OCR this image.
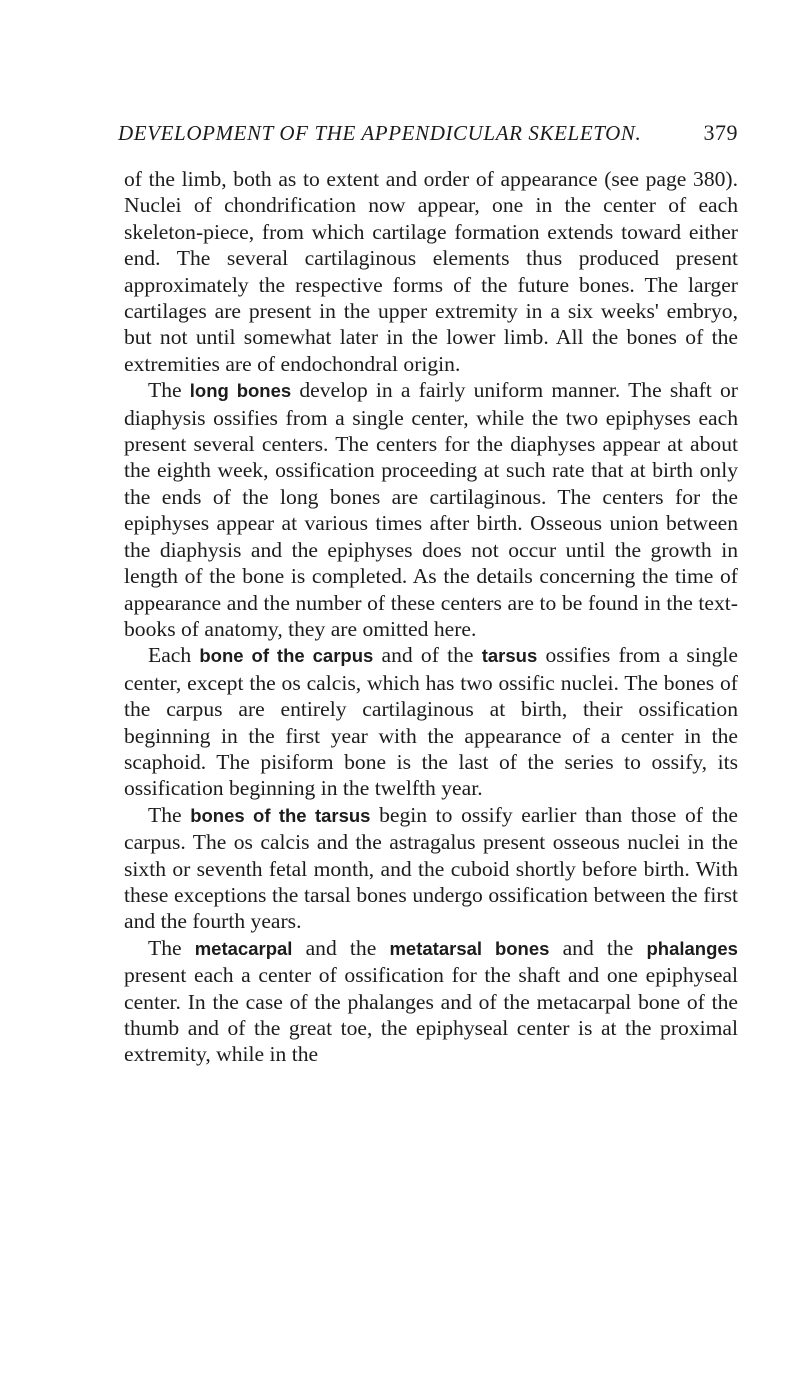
DEVELOPMENT OF THE APPENDICULAR SKELETON.	379

of the limb, both as to extent and order of appearance (see page 380). Nuclei of chondrification now appear, one in the center of each skeleton-piece, from which cartilage formation extends toward either end. The several cartilaginous elements thus produced present approximately the respective forms of the future bones. The larger cartilages are present in the upper extremity in a six weeks' embryo, but not until somewhat later in the lower limb. All the bones of the extremities are of endochondral origin.

The long bones develop in a fairly uniform manner. The shaft or diaphysis ossifies from a single center, while the two epiphyses each present several centers. The centers for the diaphyses appear at about the eighth week, ossification proceeding at such rate that at birth only the ends of the long bones are cartilaginous. The centers for the epiphyses appear at various times after birth. Osseous union between the diaphysis and the epiphyses does not occur until the growth in length of the bone is completed. As the details concerning the time of appearance and the number of these centers are to be found in the text-books of anatomy, they are omitted here.

Each bone of the carpus and of the tarsus ossifies from a single center, except the os calcis, which has two ossific nuclei. The bones of the carpus are entirely cartilaginous at birth, their ossification beginning in the first year with the appearance of a center in the scaphoid. The pisiform bone is the last of the series to ossify, its ossification beginning in the twelfth year.

The bones of the tarsus begin to ossify earlier than those of the carpus. The os calcis and the astragalus present osseous nuclei in the sixth or seventh fetal month, and the cuboid shortly before birth. With these exceptions the tarsal bones undergo ossification between the first and the fourth years.

The metacarpal and the metatarsal bones and the phalanges present each a center of ossification for the shaft and one epiphyseal center. In the case of the phalanges and of the metacarpal bone of the thumb and of the great toe, the epiphyseal center is at the proximal extremity, while in the
